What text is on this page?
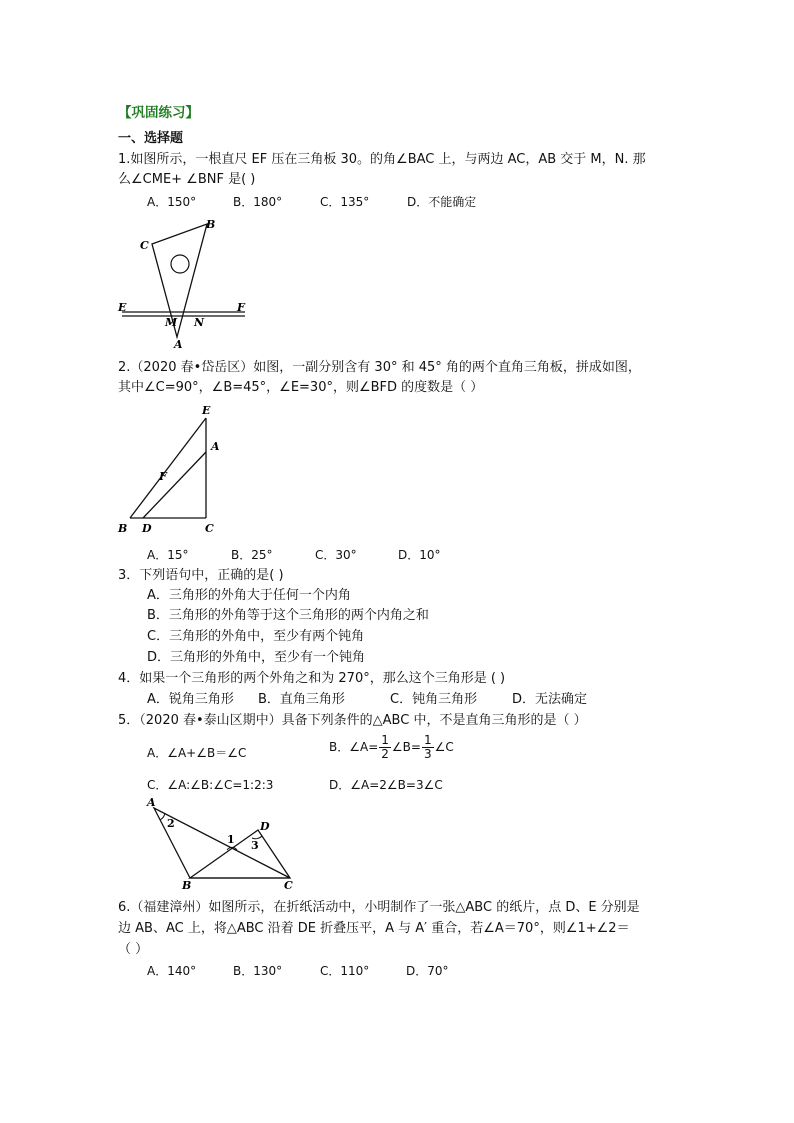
【巩固练习】
一、选择题
1.如图所示，一根直尺 EF 压在三角板 30。的角∠BAC 上，与两边 AC，AB 交于 M，N. 那
么∠CME+ ∠BNF 是( )
A．150°	B．180°	C．135°	D．不能确定
C
B
E	F
M N
A
2.（2020 春•岱岳区）如图，一副分别含有 30° 和 45° 角的两个直角三角板，拼成如图，
其中∠C=90°，∠B=45°，∠E=30°，则∠BFD 的度数是（ ）
E
A
F
B D	C
A．15°	B．25°	C．30°	D．10°
3．下列语句中，正确的是( )
A．三角形的外角大于任何一个内角
B．三角形的外角等于这个三角形的两个内角之和
C．三角形的外角中，至少有两个钝角
D．三角形的外角中，至少有一个钝角
4．如果一个三角形的两个外角之和为 270°，那么这个三角形是 ( )
A．锐角三角形 B．直角三角形	C．钝角三角形	D．无法确定
5．（2020 春•泰山区期中）具备下列条件的△ABC 中，不是直角三角形的是（ ）
A．∠A+∠B＝∠C	B．∠A= $\frac{1}{2}$ ∠B= $\frac{1}{3}$ ∠C
C．∠A:∠B:∠C=1:2:3	D．∠A=2∠B=3∠C
A
2
1
D
3
B	C
6.（福建漳州）如图所示，在折纸活动中，小明制作了一张△ABC 的纸片，点 D、E 分别是
边 AB、AC 上，将△ABC 沿着 DE 折叠压平，A 与 A′ 重合，若∠A＝70°，则∠1+∠2＝
（ ）
A．140°	B．130°	C．110°	D．70°
